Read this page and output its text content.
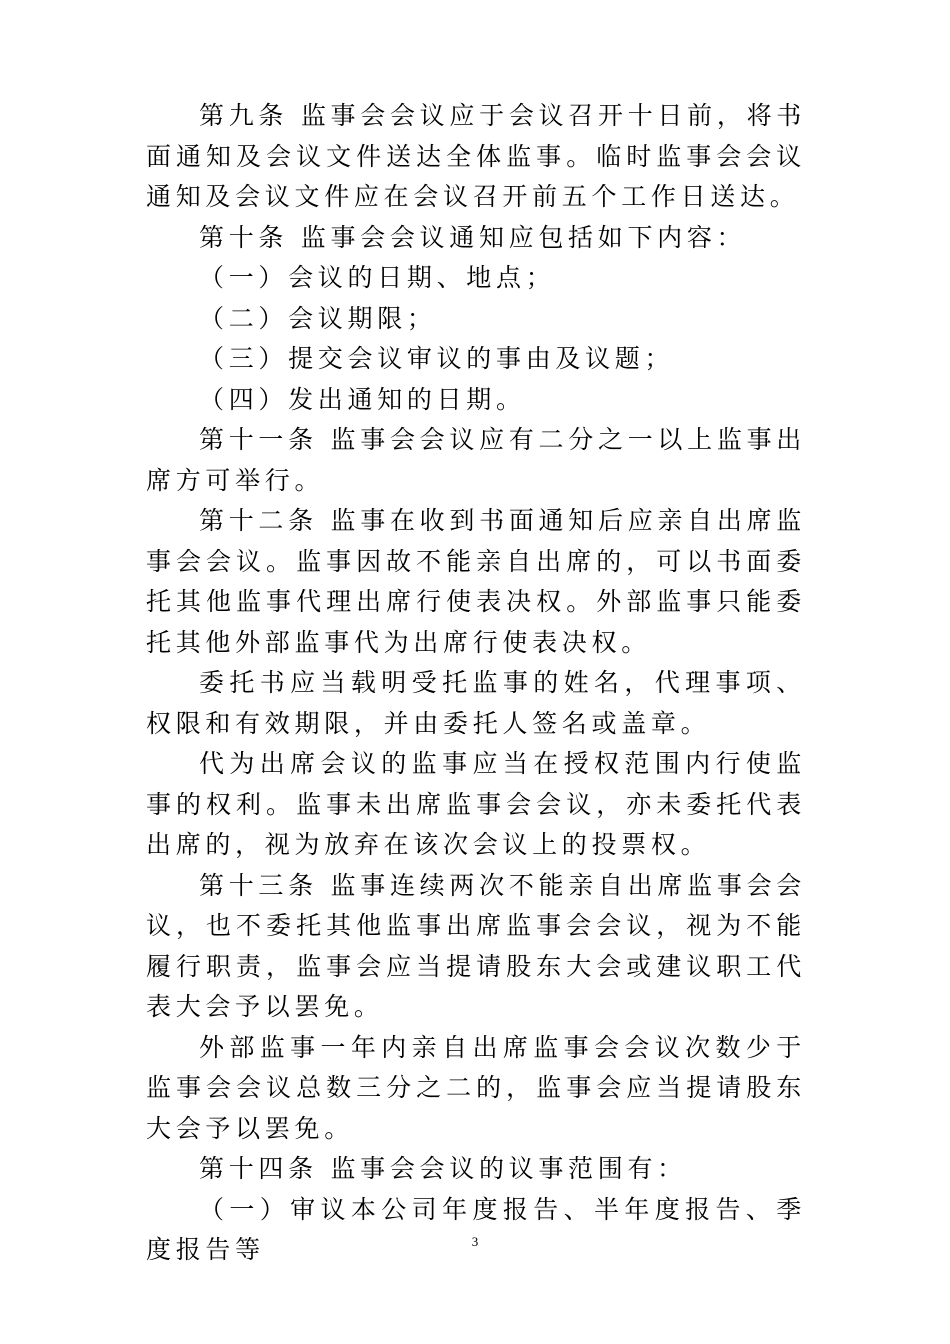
第九条 监事会会议应于会议召开十日前，将书面通知及会议文件送达全体监事。临时监事会会议通知及会议文件应在会议召开前五个工作日送达。

第十条 监事会会议通知应包括如下内容：

（一）会议的日期、地点；

（二）会议期限；

（三）提交会议审议的事由及议题；

（四）发出通知的日期。

第十一条 监事会会议应有二分之一以上监事出席方可举行。

第十二条 监事在收到书面通知后应亲自出席监事会会议。监事因故不能亲自出席的，可以书面委托其他监事代理出席行使表决权。外部监事只能委托其他外部监事代为出席行使表决权。

委托书应当载明受托监事的姓名，代理事项、权限和有效期限，并由委托人签名或盖章。

代为出席会议的监事应当在授权范围内行使监事的权利。监事未出席监事会会议，亦未委托代表出席的，视为放弃在该次会议上的投票权。

第十三条 监事连续两次不能亲自出席监事会会议，也不委托其他监事出席监事会会议，视为不能履行职责，监事会应当提请股东大会或建议职工代表大会予以罢免。

外部监事一年内亲自出席监事会会议次数少于监事会会议总数三分之二的，监事会应当提请股东大会予以罢免。

第十四条 监事会会议的议事范围有：

（一）审议本公司年度报告、半年度报告、季度报告等	3
